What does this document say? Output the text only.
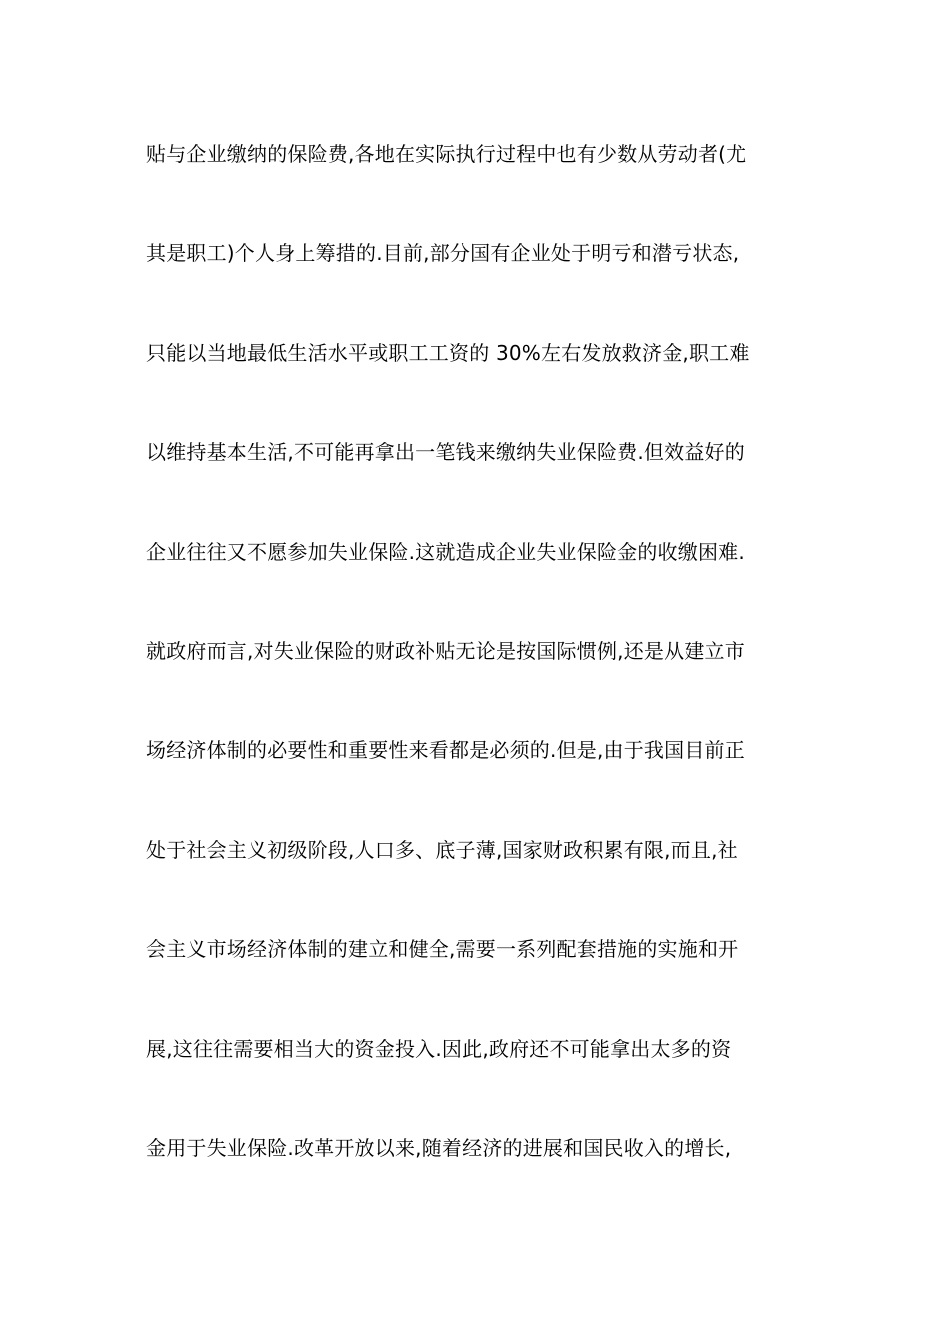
贴与企业缴纳的保险费,各地在实际执行过程中也有少数从劳动者(尤
其是职工)个人身上筹措的.目前,部分国有企业处于明亏和潜亏状态,
只能以当地最低生活水平或职工工资的 30%左右发放救济金,职工难
以维持基本生活,不可能再拿出一笔钱来缴纳失业保险费.但效益好的
企业往往又不愿参加失业保险.这就造成企业失业保险金的收缴困难.
就政府而言,对失业保险的财政补贴无论是按国际惯例,还是从建立市
场经济体制的必要性和重要性来看都是必须的.但是,由于我国目前正
处于社会主义初级阶段,人口多、底子薄,国家财政积累有限,而且,社
会主义市场经济体制的建立和健全,需要一系列配套措施的实施和开
展,这往往需要相当大的资金投入.因此,政府还不可能拿出太多的资
金用于失业保险.改革开放以来,随着经济的进展和国民收入的增长,
